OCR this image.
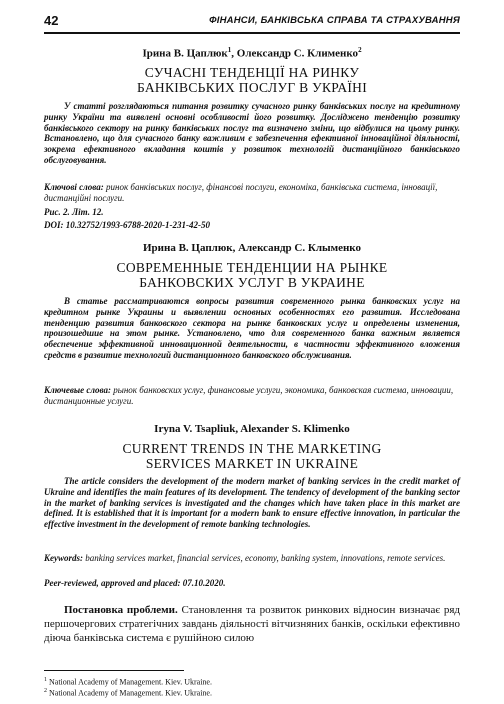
42	ФІНАНСИ, БАНКІВСЬКА СПРАВА ТА СТРАХУВАННЯ
Ірина В. Цаплюк$^1$, Олександр С. Клименко$^2$
СУЧАСНІ ТЕНДЕНЦІЇ НА РИНКУ
БАНКІВСЬКИХ ПОСЛУГ В УКРАЇНІ
У статті розглядаються питання розвитку сучасного ринку банківських послуг на кредитному ринку України та виявлені основні особливості його розвитку. Досліджено тенденцію розвитку банківського сектору на ринку банківських послуг та визначено зміни, що відбулися на цьому ринку. Встановлено, що для сучасного банку важливим є забезпечення ефективної інноваційної діяльності, зокрема ефективного вкладання коштів у розвиток технологій дистанційного банківського обслуговування.
Ключові слова: ринок банківських послуг, фінансові послуги, економіка, банківська система, інновації, дистанційні послуги.
Рис. 2. Літ. 12.
DOI: 10.32752/1993-6788-2020-1-231-42-50
Ирина В. Цаплюк, Александр С. Клыменко
СОВРЕМЕННЫЕ ТЕНДЕНЦИИ НА РЫНКЕ
БАНКОВСКИХ УСЛУГ В УКРАИНЕ
В статье рассматриваются вопросы развития современного рынка банковских услуг на кредитном рынке Украины и выявлении основных особенностях его развития. Исследована тенденцию развития банковского сектора на рынке банковских услуг и определены изменения, произошедшие на этом рынке. Установлено, что для современного банка важным является обеспечение эффективной инновационной деятельности, в частности эффективного вложения средств в развитие технологий дистанционного банковского обслуживания.
Ключевые слова: рынок банковских услуг, финансовые услуги, экономика, банковская система, инновации, дистанционные услуги.
Iryna V. Tsapliuk, Alexander S. Klimenko
CURRENT TRENDS IN THE MARKETING
SERVICES MARKET IN UKRAINE
The article considers the development of the modern market of banking services in the credit market of Ukraine and identifies the main features of its development. The tendency of development of the banking sector in the market of banking services is investigated and the changes which have taken place in this market are defined. It is established that it is important for a modern bank to ensure effective innovation, in particular the effective investment in the development of remote banking technologies.
Keywords: banking services market, financial services, economy, banking system, innovations, remote services.
Peer-reviewed, approved and placed: 07.10.2020.
Постановка проблеми. Становлення та розвиток ринкових відносин визначає ряд першочергових стратегічних завдань діяльності вітчизняних банків, оскільки ефективно діюча банківська система є рушійною силою
$^1$ National Academy of Management. Kiev. Ukraine.
$^2$ National Academy of Management. Kiev. Ukraine.
